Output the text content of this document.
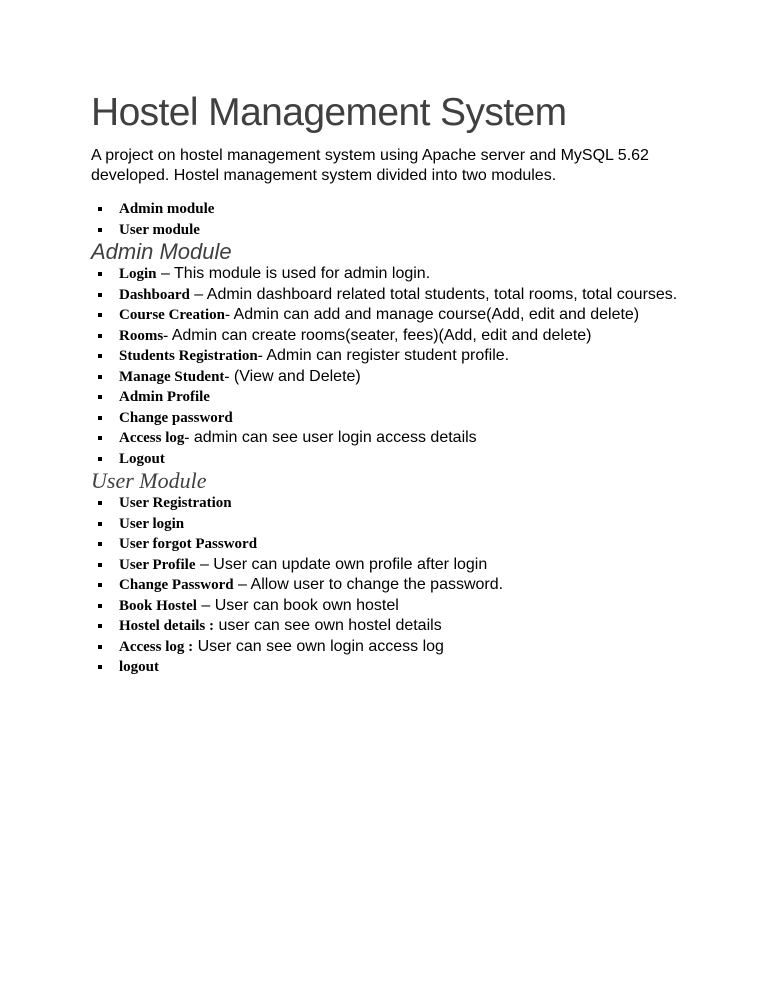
Hostel Management System

A project on hostel management system using Apache server and MySQL 5.62 developed. Hostel management system divided into two modules.

Admin module
User module
Admin Module
Login – This module is used for admin login.
Dashboard – Admin dashboard related total students, total rooms, total courses.
Course Creation- Admin can add and manage course(Add, edit and delete)
Rooms- Admin can create rooms(seater, fees)(Add, edit and delete)
Students Registration- Admin can register student profile.
Manage Student- (View and Delete)
Admin Profile
Change password
Access log- admin can see user login access details
Logout
User Module
User Registration
User login
User forgot Password
User Profile – User can update own profile after login
Change Password – Allow user to change the password.
Book Hostel – User can book own hostel
Hostel details : user can see own hostel details
Access log : User can see own login access log
logout
